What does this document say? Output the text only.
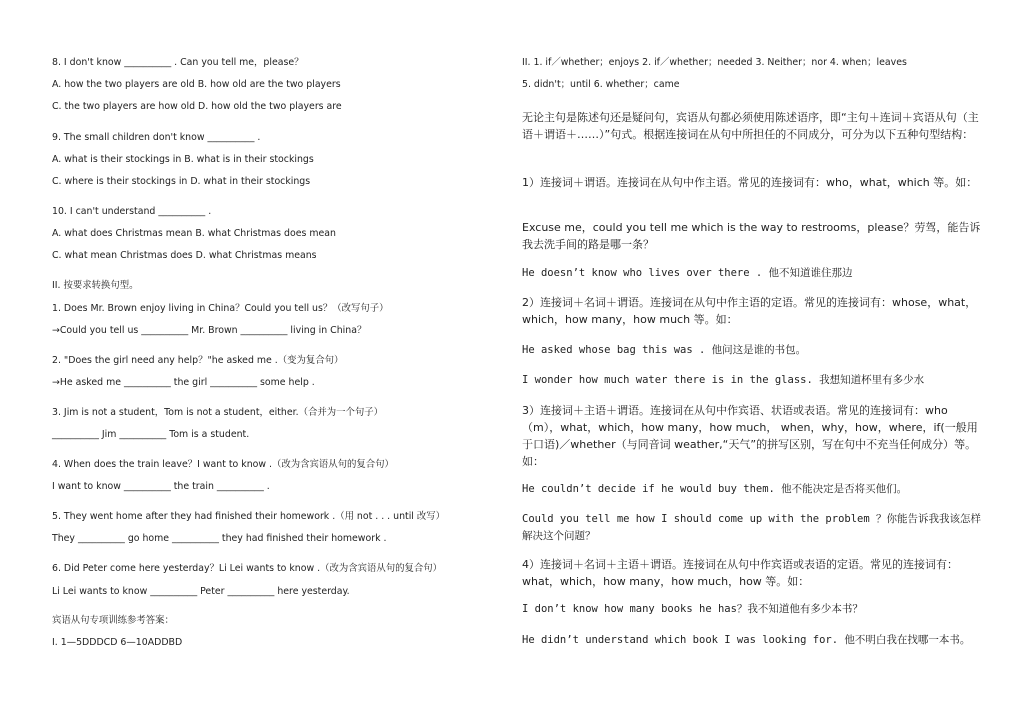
8. I don't know __________ . Can you tell me，please？
A. how the two players are old B. how old are the two players
C. the two players are how old D. how old the two players are
9. The small children don't know __________ .
A. what is their stockings in B. what is in their stockings
C. where is their stockings in D. what in their stockings
10. I can't understand __________ .
A. what does Christmas mean B. what Christmas does mean
C. what mean Christmas does D. what Christmas means
II. 按要求转换句型。
1. Does Mr. Brown enjoy living in China？Could you tell us？（改写句子）
→Could you tell us __________ Mr. Brown __________ living in China？
2. "Does the girl need any help？"he asked me .（变为复合句）
→He asked me __________ the girl __________ some help .
3. Jim is not a student，Tom is not a student，either.（合并为一个句子）
__________ Jim __________ Tom is a student.
4. When does the train leave？I want to know .（改为含宾语从句的复合句）
I want to know __________ the train __________ .
5. They went home after they had finished their homework .（用 not . . . until 改写）
They __________ go home __________ they had finished their homework .
6. Did Peter come here yesterday？Li Lei wants to know .（改为含宾语从句的复合句）
Li Lei wants to know __________ Peter __________ here yesterday.
宾语从句专项训练参考答案：
I. 1—5DDDCD 6—10ADDBD
II. 1. if／whether；enjoys 2. if／whether；needed 3. Neither；nor 4. when；leaves
5. didn't；until 6. whether；came
无论主句是陈述句还是疑问句，宾语从句都必须使用陈述语序，即“主句＋连词＋宾语从句（主语＋谓语＋……）”句式。根据连接词在从句中所担任的不同成分，可分为以下五种句型结构：
1）连接词＋谓语。连接词在从句中作主语。常见的连接词有：who，what，which 等。如：
Excuse me，could you tell me which is the way to restrooms，please？劳驾，能告诉我去洗手间的路是哪一条？
He doesn’t know who lives over there . 他不知道谁住那边
2）连接词＋名词＋谓语。连接词在从句中作主语的定语。常见的连接词有：whose，what，which，how many，how much 等。如：
He asked whose bag this was . 他问这是谁的书包。
I wonder how much water there is in the glass. 我想知道杯里有多少水
3）连接词＋主语＋谓语。连接词在从句中作宾语、状语或表语。常见的连接词有：who（m），what，which，how many，how much， when，why，how，where，if(一般用于口语)／whether（与同音词 weather,“天气”的拼写区别，写在句中不充当任何成分）等。如：
He couldn’t decide if he would buy them. 他不能决定是否将买他们。
Could you tell me how I should come up with the problem ？你能告诉我我该怎样解决这个问题？
4）连接词＋名词＋主语＋谓语。连接词在从句中作宾语或表语的定语。常见的连接词有：what，which，how many，how much，how 等。如：
I don’t know how many books he has？我不知道他有多少本书？
He didn’t understand which book I was looking for. 他不明白我在找哪一本书。
